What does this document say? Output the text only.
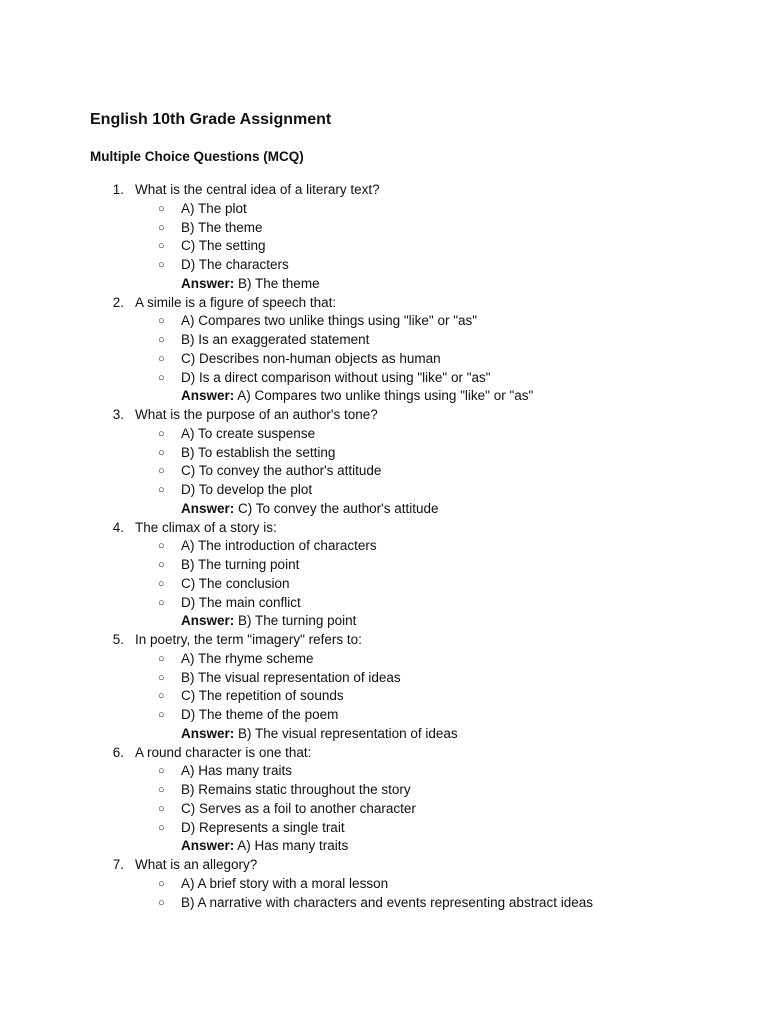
English 10th Grade Assignment
Multiple Choice Questions (MCQ)
1. What is the central idea of a literary text?
○ A) The plot
○ B) The theme
○ C) The setting
○ D) The characters
Answer: B) The theme
2. A simile is a figure of speech that:
○ A) Compares two unlike things using "like" or "as"
○ B) Is an exaggerated statement
○ C) Describes non-human objects as human
○ D) Is a direct comparison without using "like" or "as"
Answer: A) Compares two unlike things using "like" or "as"
3. What is the purpose of an author's tone?
○ A) To create suspense
○ B) To establish the setting
○ C) To convey the author's attitude
○ D) To develop the plot
Answer: C) To convey the author's attitude
4. The climax of a story is:
○ A) The introduction of characters
○ B) The turning point
○ C) The conclusion
○ D) The main conflict
Answer: B) The turning point
5. In poetry, the term "imagery" refers to:
○ A) The rhyme scheme
○ B) The visual representation of ideas
○ C) The repetition of sounds
○ D) The theme of the poem
Answer: B) The visual representation of ideas
6. A round character is one that:
○ A) Has many traits
○ B) Remains static throughout the story
○ C) Serves as a foil to another character
○ D) Represents a single trait
Answer: A) Has many traits
7. What is an allegory?
○ A) A brief story with a moral lesson
○ B) A narrative with characters and events representing abstract ideas
